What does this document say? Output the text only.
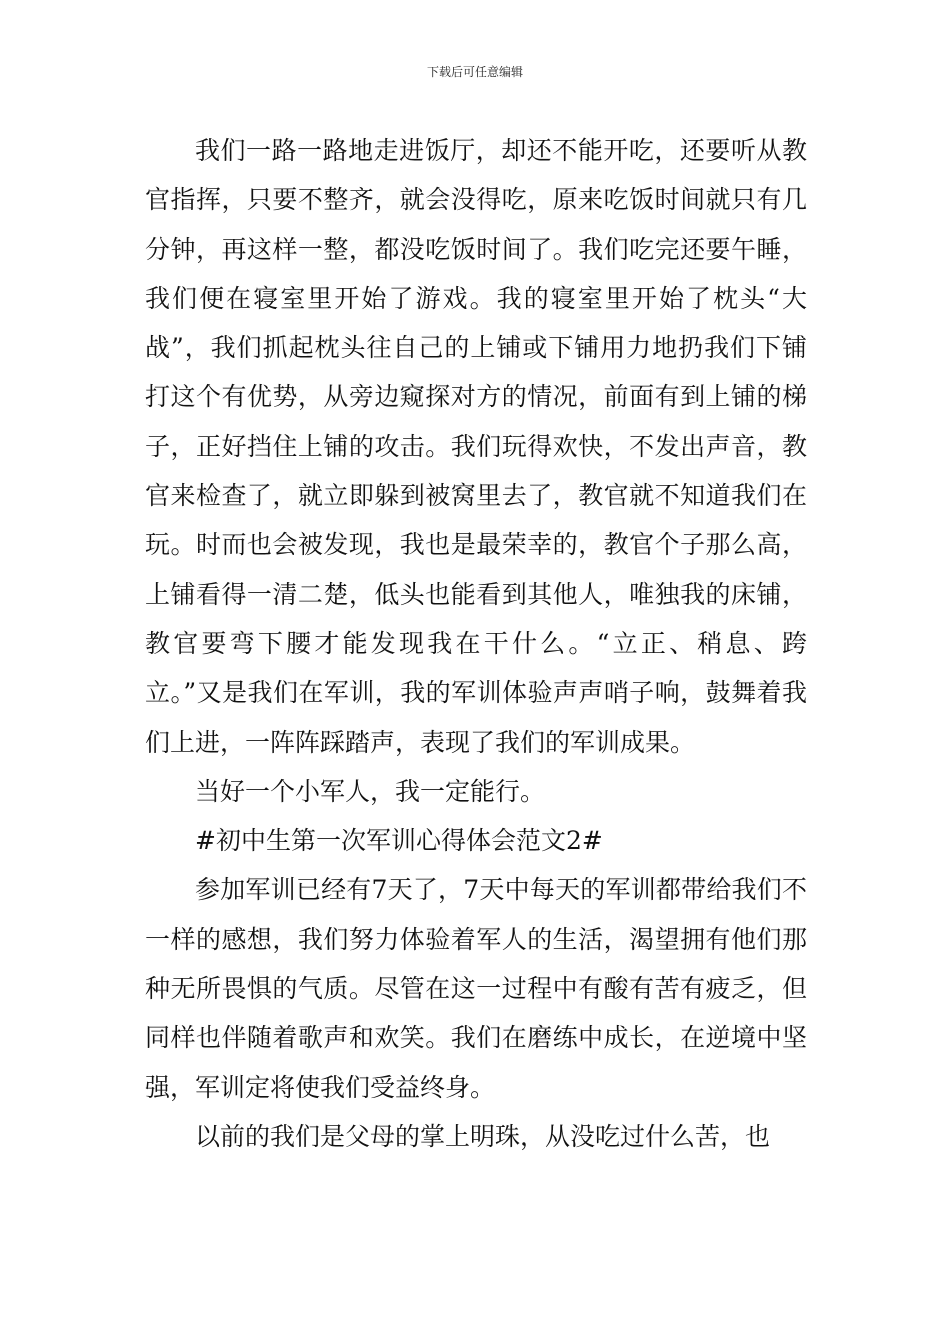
下载后可任意编辑

我们一路一路地走进饭厅，却还不能开吃，还要听从教官指挥，只要不整齐，就会没得吃，原来吃饭时间就只有几分钟，再这样一整，都没吃饭时间了。我们吃完还要午睡，我们便在寝室里开始了游戏。我的寝室里开始了枕头“大战”，我们抓起枕头往自己的上铺或下铺用力地扔我们下铺打这个有优势，从旁边窥探对方的情况，前面有到上铺的梯子，正好挡住上铺的攻击。我们玩得欢快，不发出声音，教官来检查了，就立即躲到被窝里去了，教官就不知道我们在玩。时而也会被发现，我也是最荣幸的，教官个子那么高，上铺看得一清二楚，低头也能看到其他人，唯独我的床铺，教官要弯下腰才能发现我在干什么。“立正、稍息、跨立。”又是我们在军训，我的军训体验声声哨子响，鼓舞着我们上进，一阵阵踩踏声，表现了我们的军训成果。

当好一个小军人，我一定能行。

#初中生第一次军训心得体会范文2#

参加军训已经有7天了，7天中每天的军训都带给我们不一样的感想，我们努力体验着军人的生活，渴望拥有他们那种无所畏惧的气质。尽管在这一过程中有酸有苦有疲乏，但同样也伴随着歌声和欢笑。我们在磨练中成长，在逆境中坚强，军训定将使我们受益终身。

以前的我们是父母的掌上明珠，从没吃过什么苦，也
